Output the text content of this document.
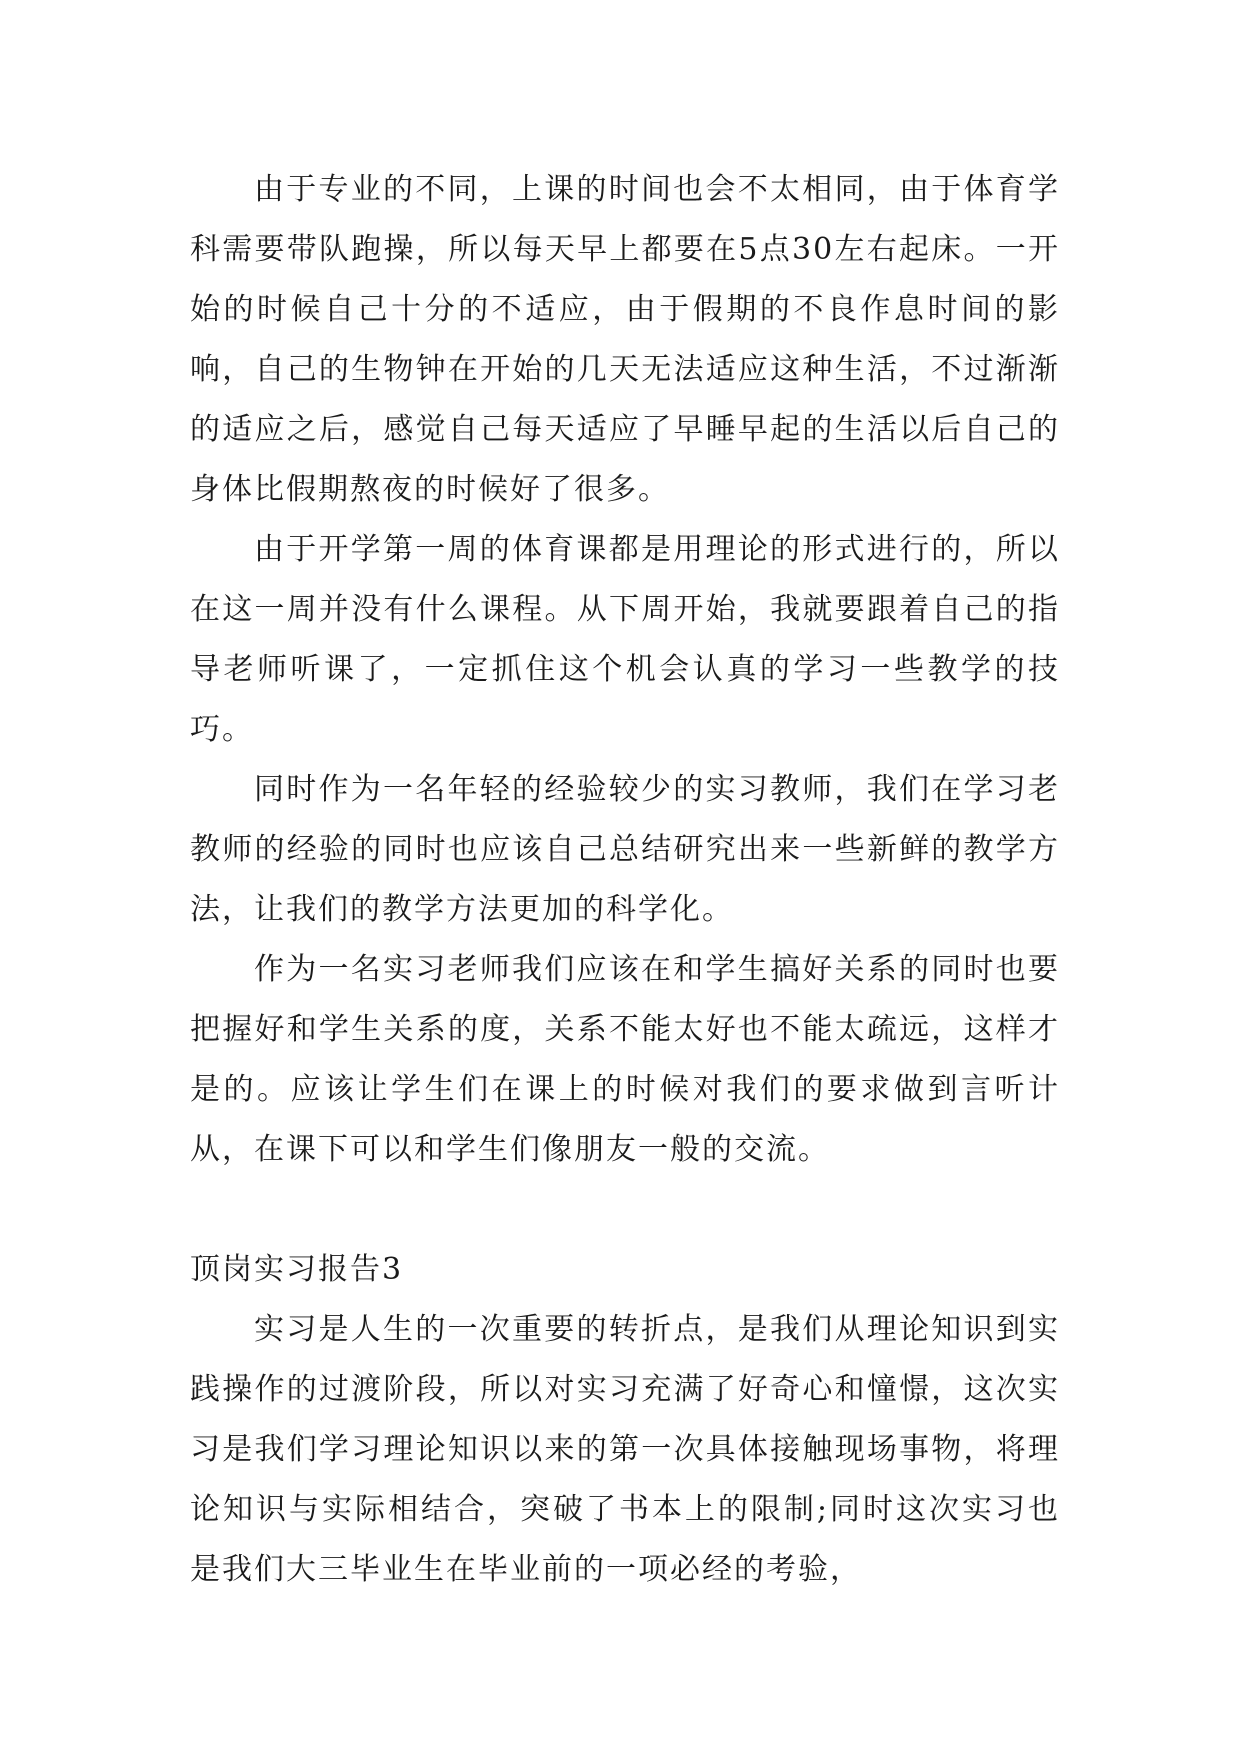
由于专业的不同，上课的时间也会不太相同，由于体育学科需要带队跑操，所以每天早上都要在5点30左右起床。一开始的时候自己十分的不适应，由于假期的不良作息时间的影响，自己的生物钟在开始的几天无法适应这种生活，不过渐渐的适应之后，感觉自己每天适应了早睡早起的生活以后自己的身体比假期熬夜的时候好了很多。

由于开学第一周的体育课都是用理论的形式进行的，所以在这一周并没有什么课程。从下周开始，我就要跟着自己的指导老师听课了，一定抓住这个机会认真的学习一些教学的技巧。

同时作为一名年轻的经验较少的实习教师，我们在学习老教师的经验的同时也应该自己总结研究出来一些新鲜的教学方法，让我们的教学方法更加的科学化。

作为一名实习老师我们应该在和学生搞好关系的同时也要把握好和学生关系的度，关系不能太好也不能太疏远，这样才是的。应该让学生们在课上的时候对我们的要求做到言听计从，在课下可以和学生们像朋友一般的交流。

顶岗实习报告3

实习是人生的一次重要的转折点，是我们从理论知识到实践操作的过渡阶段，所以对实习充满了好奇心和憧憬，这次实习是我们学习理论知识以来的第一次具体接触现场事物，将理论知识与实际相结合，突破了书本上的限制;同时这次实习也是我们大三毕业生在毕业前的一项必经的考验，
